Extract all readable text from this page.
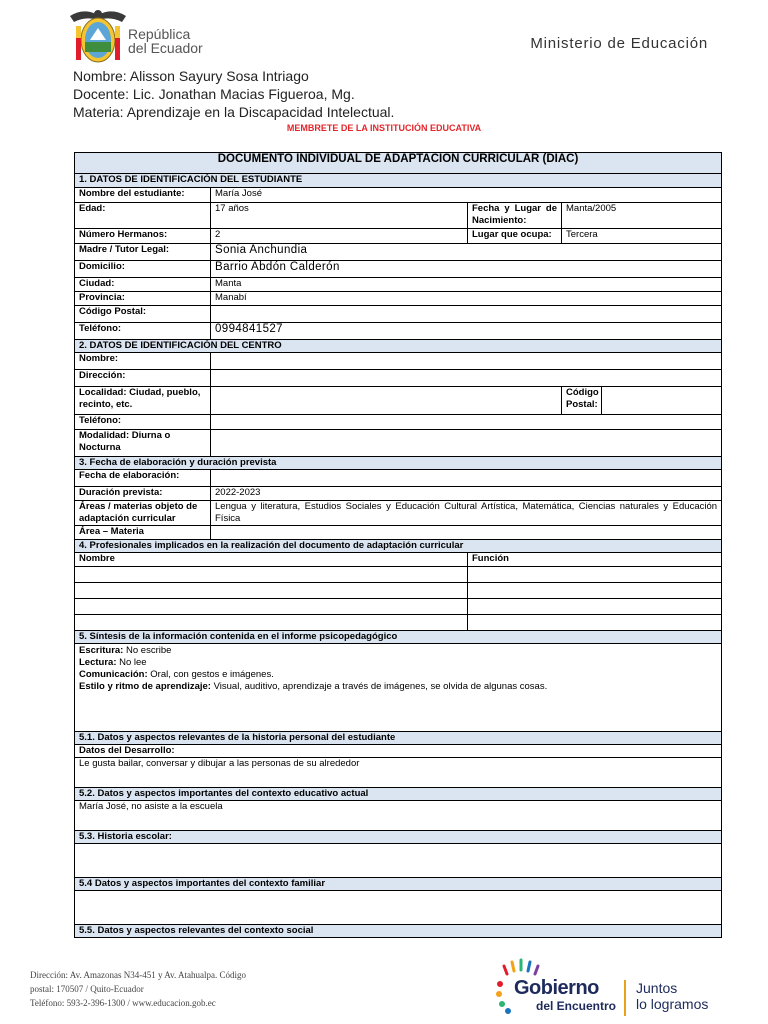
República
del Ecuador	Ministerio de Educación
Nombre: Alisson Sayury Sosa Intriago
Docente: Lic. Jonathan Macias Figueroa, Mg.
Materia: Aprendizaje en la Discapacidad Intelectual.
MEMBRETE DE LA INSTITUCIÓN EDUCATIVA
DOCUMENTO INDIVIDUAL DE ADAPTACIÓN CURRICULAR (DIAC)				
1. DATOS DE IDENTIFICACIÓN DEL ESTUDIANTE				
Nombre del estudiante:	María José			
Edad:	17 años	Fecha y Lugar de Nacimiento:	Manta/2005	
Número Hermanos:	2	Lugar que ocupa:	Tercera	
Madre / Tutor Legal:	Sonia Anchundia			
Domicilio:	Barrio Abdón Calderón			
Ciudad:	Manta			
Provincia:	Manabí			
Código Postal:				
Teléfono:	0994841527			
2. DATOS DE IDENTIFICACIÓN DEL CENTRO				
Nombre:				
Dirección:				
Localidad: Ciudad, pueblo, recinto, etc.			Código Postal:	
Teléfono:				
Modalidad: Diurna o Nocturna				
3. Fecha de elaboración y duración prevista				
Fecha de elaboración:				
Duración prevista:	2022-2023			
Áreas / materias objeto de adaptación curricular	Lengua y literatura, Estudios Sociales y Educación Cultural Artística, Matemática, Ciencias naturales y Educación Física			
Área – Materia				
4. Profesionales implicados en la realización del documento de adaptación curricular				
Nombre		Función		

5. Síntesis de la información contenida en el informe psicopedagógico				

Escritura: No escribe
Lectura: No lee
Comunicación: Oral, con gestos e imágenes.
Estilo y ritmo de aprendizaje: Visual, auditivo, aprendizaje a través de imágenes, se olvida de algunas cosas.				

5.1. Datos y aspectos relevantes de la historia personal del estudiante				
Datos del Desarrollo:				
Le gusta bailar, conversar y dibujar a las personas de su alrededor				
5.2. Datos y aspectos importantes del contexto educativo actual				
María José, no asiste a la escuela				
5.3. Historia escolar:				

5.4 Datos y aspectos importantes del contexto familiar				

5.5. Datos y aspectos relevantes del contexto social				
Dirección: Av. Amazonas N34-451 y Av. Atahualpa. Código
postal: 170507 / Quito-Ecuador
Teléfono: 593-2-396-1300 / www.educacion.gob.ec
Gobierno
del Encuentro
Juntos
lo logramos
